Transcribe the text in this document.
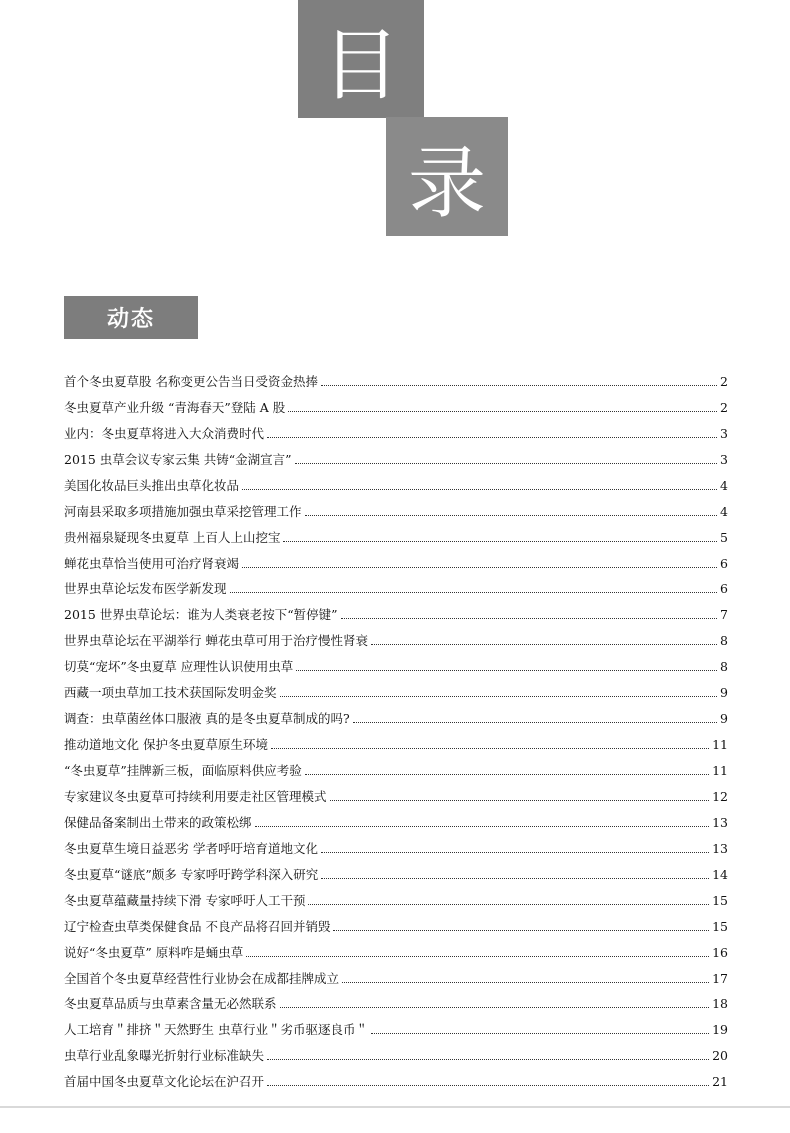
目
录
动态
首个冬虫夏草股 名称变更公告当日受资金热捧	2
冬虫夏草产业升级 “青海春天”登陆 A 股	2
业内：冬虫夏草将进入大众消费时代	3
2015 虫草会议专家云集 共铸“金湖宣言”	3
美国化妆品巨头推出虫草化妆品	4
河南县采取多项措施加强虫草采挖管理工作	4
贵州福泉疑现冬虫夏草 上百人上山挖宝	5
蝉花虫草恰当使用可治疗肾衰竭	6
世界虫草论坛发布医学新发现	6
2015 世界虫草论坛：谁为人类衰老按下“暂停键”	7
世界虫草论坛在平湖举行 蝉花虫草可用于治疗慢性肾衰	8
切莫“宠坏”冬虫夏草 应理性认识使用虫草	8
西藏一项虫草加工技术获国际发明金奖	9
调查：虫草菌丝体口服液 真的是冬虫夏草制成的吗?	9
推动道地文化 保护冬虫夏草原生环境	11
“冬虫夏草”挂牌新三板，面临原料供应考验	11
专家建议冬虫夏草可持续利用要走社区管理模式	12
保健品备案制出土带来的政策松绑	13
冬虫夏草生境日益恶劣 学者呼吁培育道地文化	13
冬虫夏草“谜底”颇多 专家呼吁跨学科深入研究	14
冬虫夏草蕴藏量持续下滑 专家呼吁人工干预	15
辽宁检查虫草类保健食品 不良产品将召回并销毁	15
说好“冬虫夏草” 原料咋是蛹虫草	16
全国首个冬虫夏草经营性行业协会在成都挂牌成立	17
冬虫夏草品质与虫草素含量无必然联系	18
人工培育＂排挤＂天然野生 虫草行业＂劣币驱逐良币＂	19
虫草行业乱象曝光折射行业标准缺失	20
首届中国冬虫夏草文化论坛在沪召开	21
